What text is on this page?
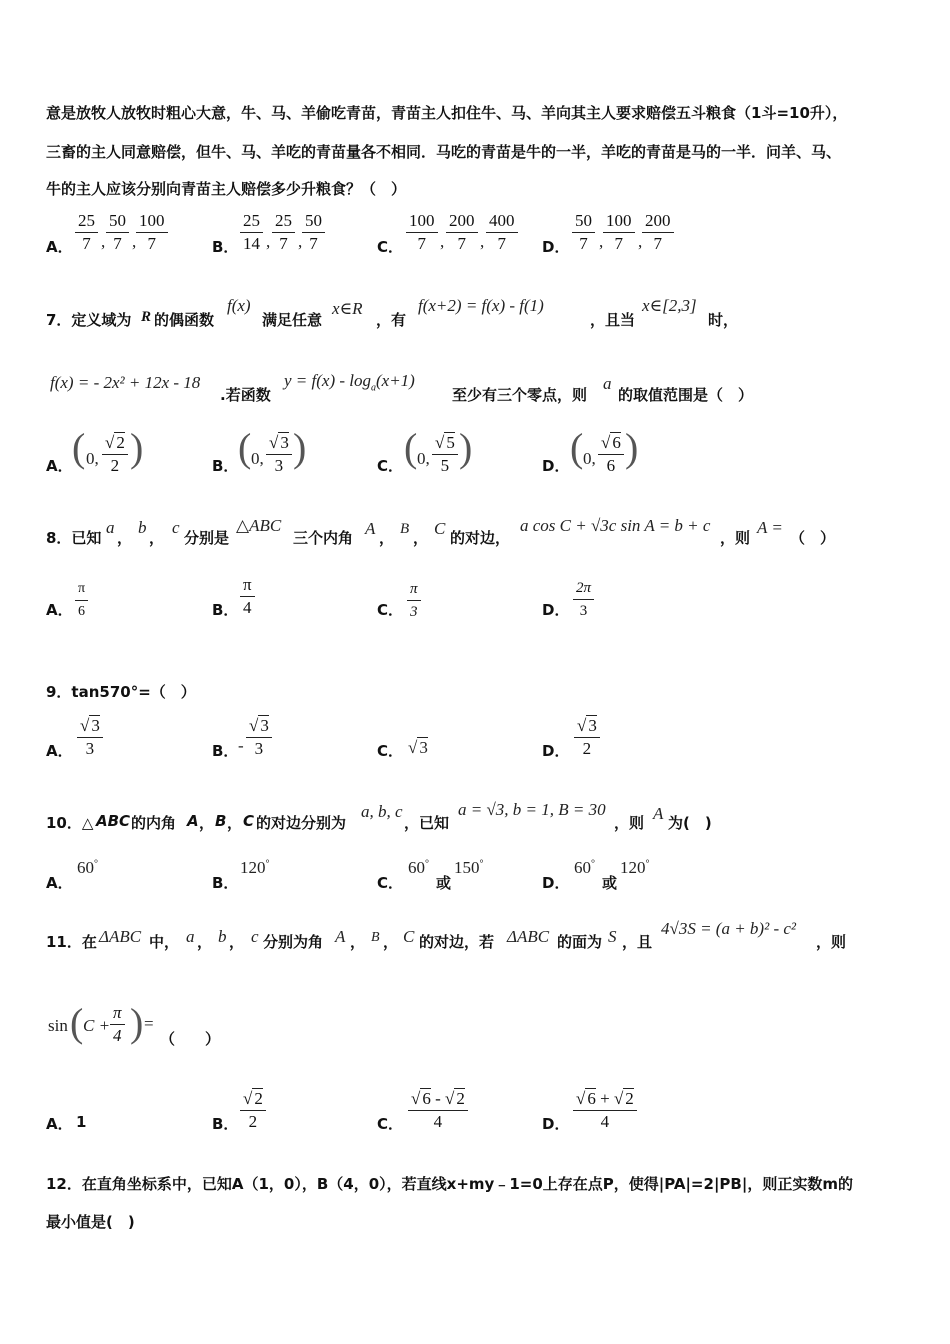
意是放牧人放牧时粗心大意，牛、马、羊偷吃青苗，青苗主人扣住牛、马、羊向其主人要求赔偿五斗粮食（1斗=10升），
三畜的主人同意赔偿，但牛、马、羊吃的青苗量各不相同．马吃的青苗是牛的一半，羊吃的青苗是马的一半．问羊、马、
牛的主人应该分别向青苗主人赔偿多少升粮食？（　）
A．
25
7 ,
50
7 ,
100
7	B．
25
14 ,
25
7 ,
50
7	C．
100
7 ,
200
7 ,
400
7 D．
50
7 ,
100
7 ,
200
7
7．定义域为 R 的偶函数
f(x)
满足任意
x∈R
，有
f(x+2) = f(x) - f(1)
，且当
x∈[2,3]
时，
f(x) = - 2x² + 12x - 18
.若函数
$y = f(x) - \log_a(x+1)$
至少有三个零点，则
a
的取值范围是（　）
A． ( 0,
√ 2
2 )	B． ( 0,
√ 3
3 )	C． ( 0,
√ 5
5 )	D． ( 0,
√ 6
6 )
8．已知
a
，
b
，
c
分别是
△ABC
三个内角 A ， B ， C 的对边，
a cos C + √3c sin A = b + c
，则
A =
（　）
A．
π
6	B．
π
4	C．
π
3	D．
2π
3
9．tan570°=（　）
A．
√ 3
3	B． -
√ 3
3	C． √ 3	D．
√ 3
2
10．△ ABC 的内角 A ， B ， C 的对边分别为
a, b, c
，已知
a = √3, b = 1, B = 30
，则 A 为(　)
A．
60°
B．
120°
C．
60°
或
150°
D．
60°
或
120°
11．在 ΔABC 中， a ， b ， c 分别为角 A ， B ， C 的对边，若 ΔABC 的面为 S ，且
4√3S = (a + b)² - c²
，则
sin ( C +
π
4 ) =
（　　）
A． 1	B．
√ 2
2	C．
√ 6 - √ 2
4	D．
√ 6 + √ 2
4
12．在直角坐标系中，已知A（1，0），B（4，0），若直线x+my﹣1=0上存在点P，使得|PA|=2|PB|，则正实数m的
最小值是(　)
